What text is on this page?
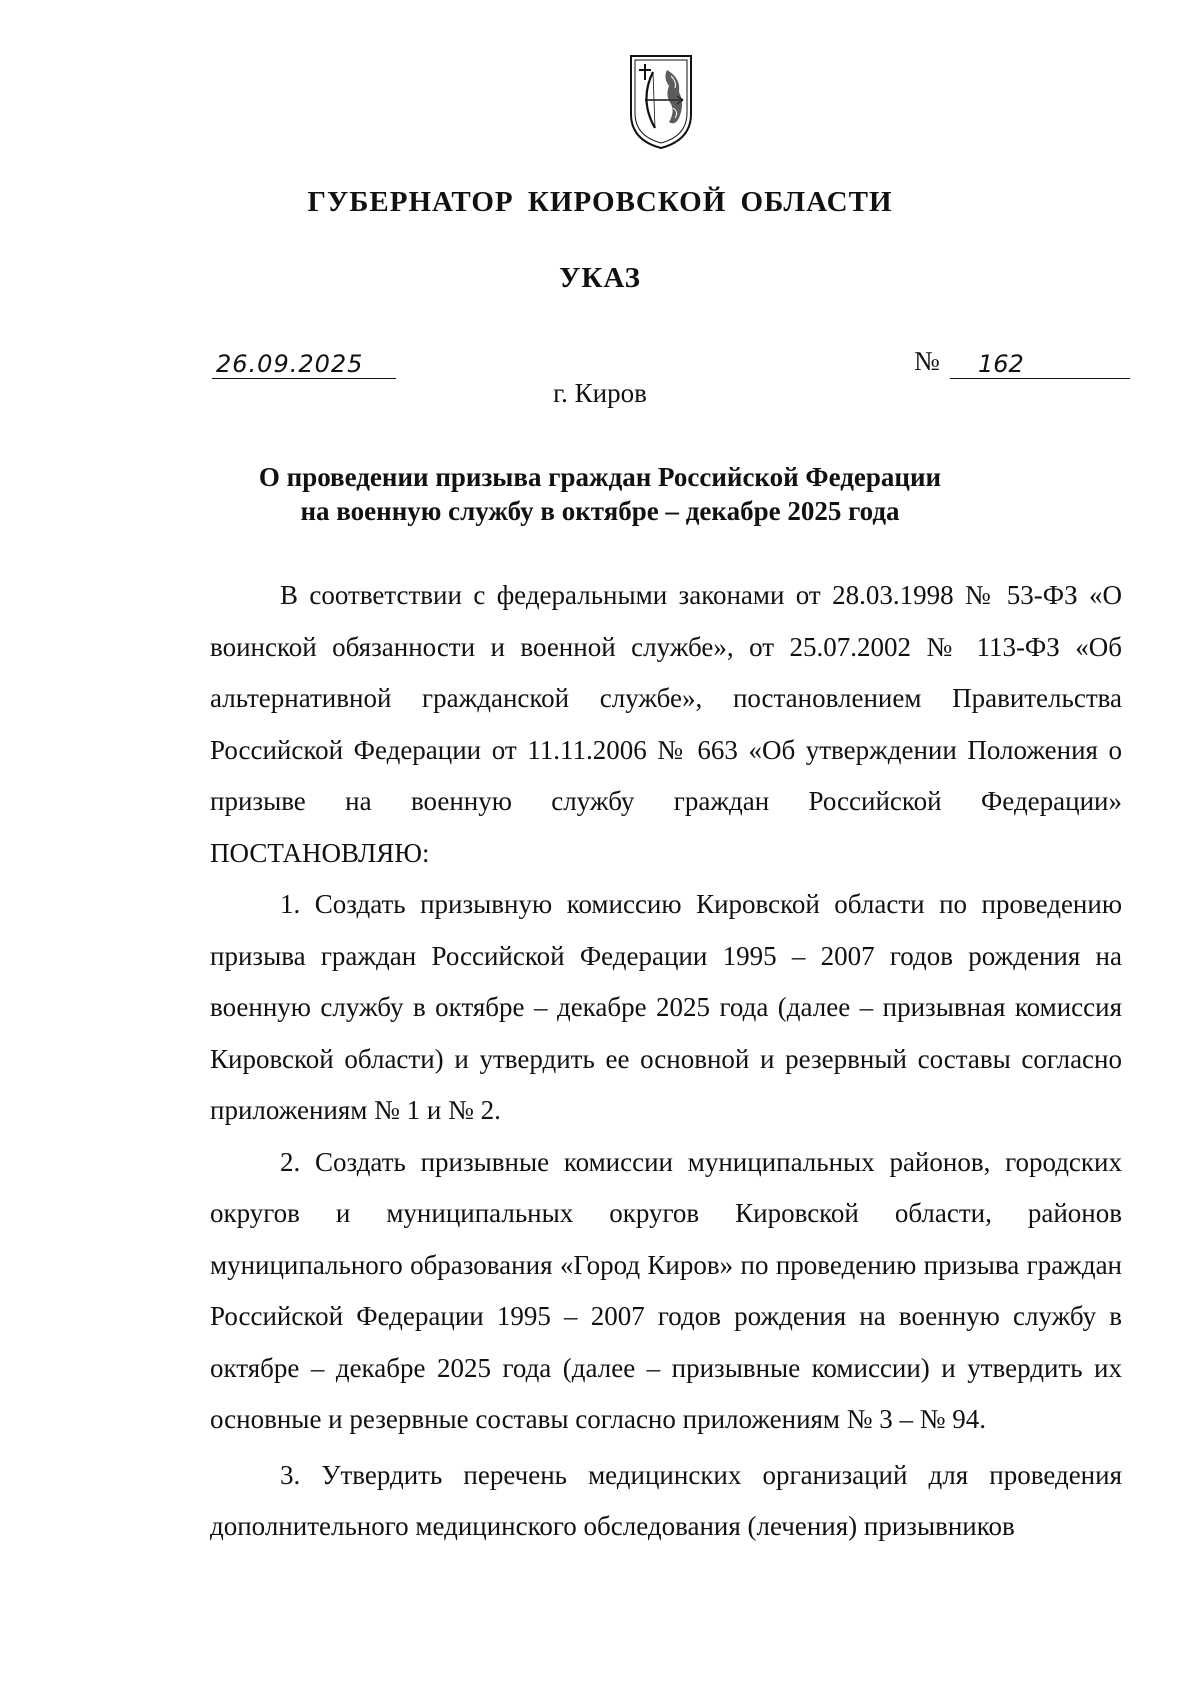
ГУБЕРНАТОР КИРОВСКОЙ ОБЛАСТИ
УКАЗ
26.09.2025	№	162
г. Киров
О проведении призыва граждан Российской Федерации
на военную службу в октябре – декабре 2025 года

В соответствии с федеральными законами от 28.03.1998 № 53-ФЗ «О воинской обязанности и военной службе», от 25.07.2002 № 113-ФЗ «Об альтернативной гражданской службе», постановлением Правительства Российской Федерации от 11.11.2006 № 663 «Об утверждении Положения о призыве на военную службу граждан Российской Федерации» ПОСТАНОВЛЯЮ:

1. Создать призывную комиссию Кировской области по проведению призыва граждан Российской Федерации 1995 – 2007 годов рождения на военную службу в октябре – декабре 2025 года (далее – призывная комиссия Кировской области) и утвердить ее основной и резервный составы согласно приложениям № 1 и № 2.

2. Создать призывные комиссии муниципальных районов, городских округов и муниципальных округов Кировской области, районов муниципального образования «Город Киров» по проведению призыва граждан Российской Федерации 1995 – 2007 годов рождения на военную службу в октябре – декабре 2025 года (далее – призывные комиссии) и утвердить их основные и резервные составы согласно приложениям № 3 – № 94.

3. Утвердить перечень медицинских организаций для проведения дополнительного медицинского обследования (лечения) призывников
